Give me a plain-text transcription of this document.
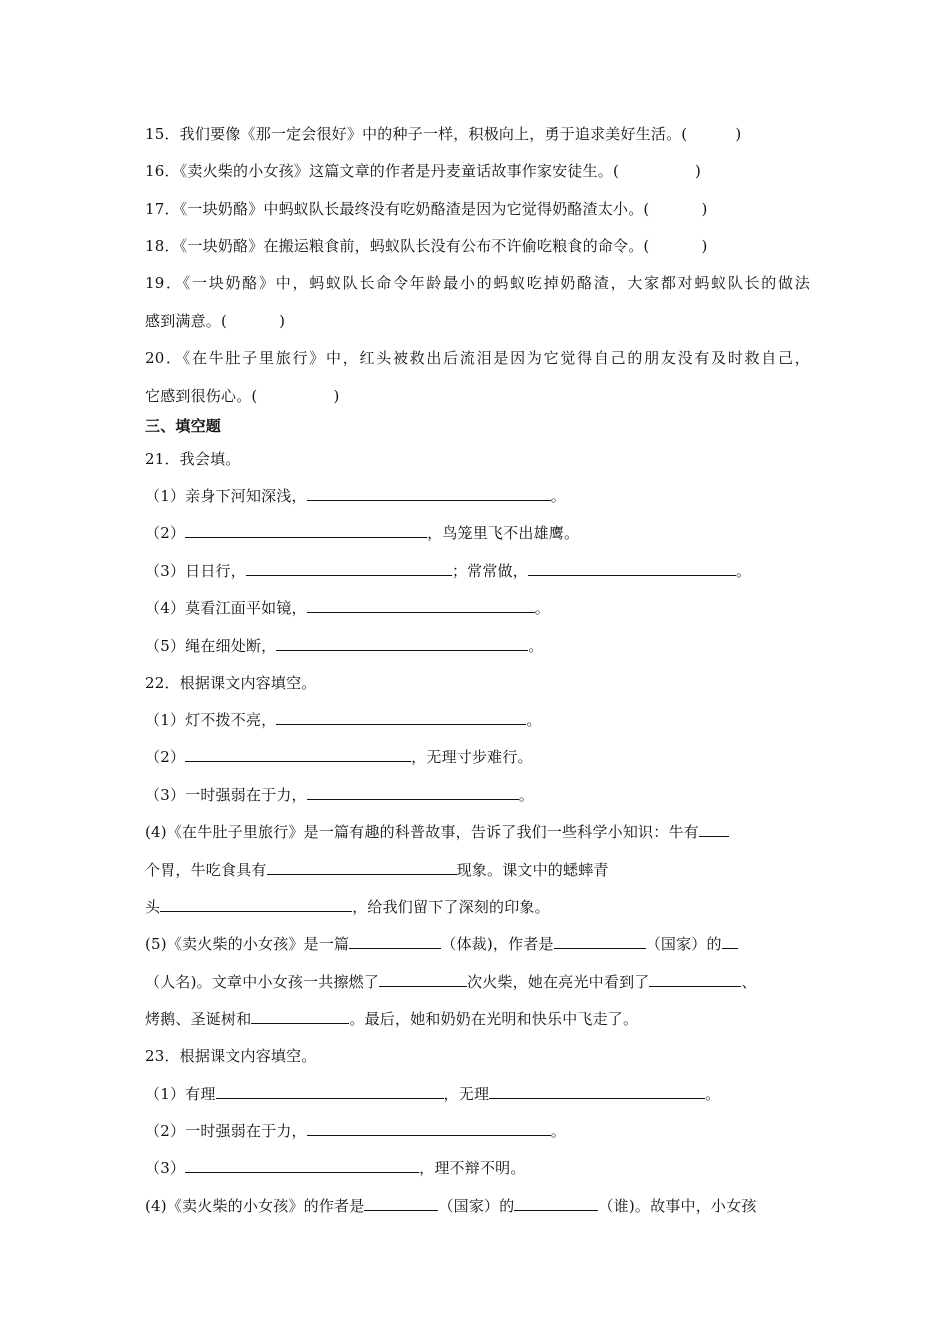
15．我们要像《那一定会很好》中的种子一样，积极向上，勇于追求美好生活。(	)
16．《卖火柴的小女孩》这篇文章的作者是丹麦童话故事作家安徒生。(	)
17．《一块奶酪》中蚂蚁队长最终没有吃奶酪渣是因为它觉得奶酪渣太小。(	)
18．《一块奶酪》在搬运粮食前，蚂蚁队长没有公布不许偷吃粮食的命令。(	)
19．《一块奶酪》中，蚂蚁队长命令年龄最小的蚂蚁吃掉奶酪渣，大家都对蚂蚁队长的做法
感到满意。(	)
20．《在牛肚子里旅行》中，红头被救出后流泪是因为它觉得自己的朋友没有及时救自己，
它感到很伤心。(	)
三、填空题
21．我会填。
（1）亲身下河知深浅，	。
（2）	，鸟笼里飞不出雄鹰。
（3）日日行，	；常常做，	。
（4）莫看江面平如镜，	。
（5）绳在细处断，	。
22．根据课文内容填空。
（1）灯不拨不亮，	。
（2）	，无理寸步难行。
（3）一时强弱在于力，	。
(4)《在牛肚子里旅行》是一篇有趣的科普故事，告诉了我们一些科学小知识：牛有
个胃，牛吃食具有	现象。课文中的蟋蟀青
头	，给我们留下了深刻的印象。
(5)《卖火柴的小女孩》是一篇	（体裁)，作者是	（国家）的
（人名)。文章中小女孩一共擦燃了	次火柴，她在亮光中看到了	、
烤鹅、圣诞树和	。最后，她和奶奶在光明和快乐中飞走了。
23．根据课文内容填空。
（1）有理	，无理	。
（2）一时强弱在于力，	。
（3）	，理不辩不明。
(4)《卖火柴的小女孩》的作者是	（国家）的	（谁)。故事中，小女孩
